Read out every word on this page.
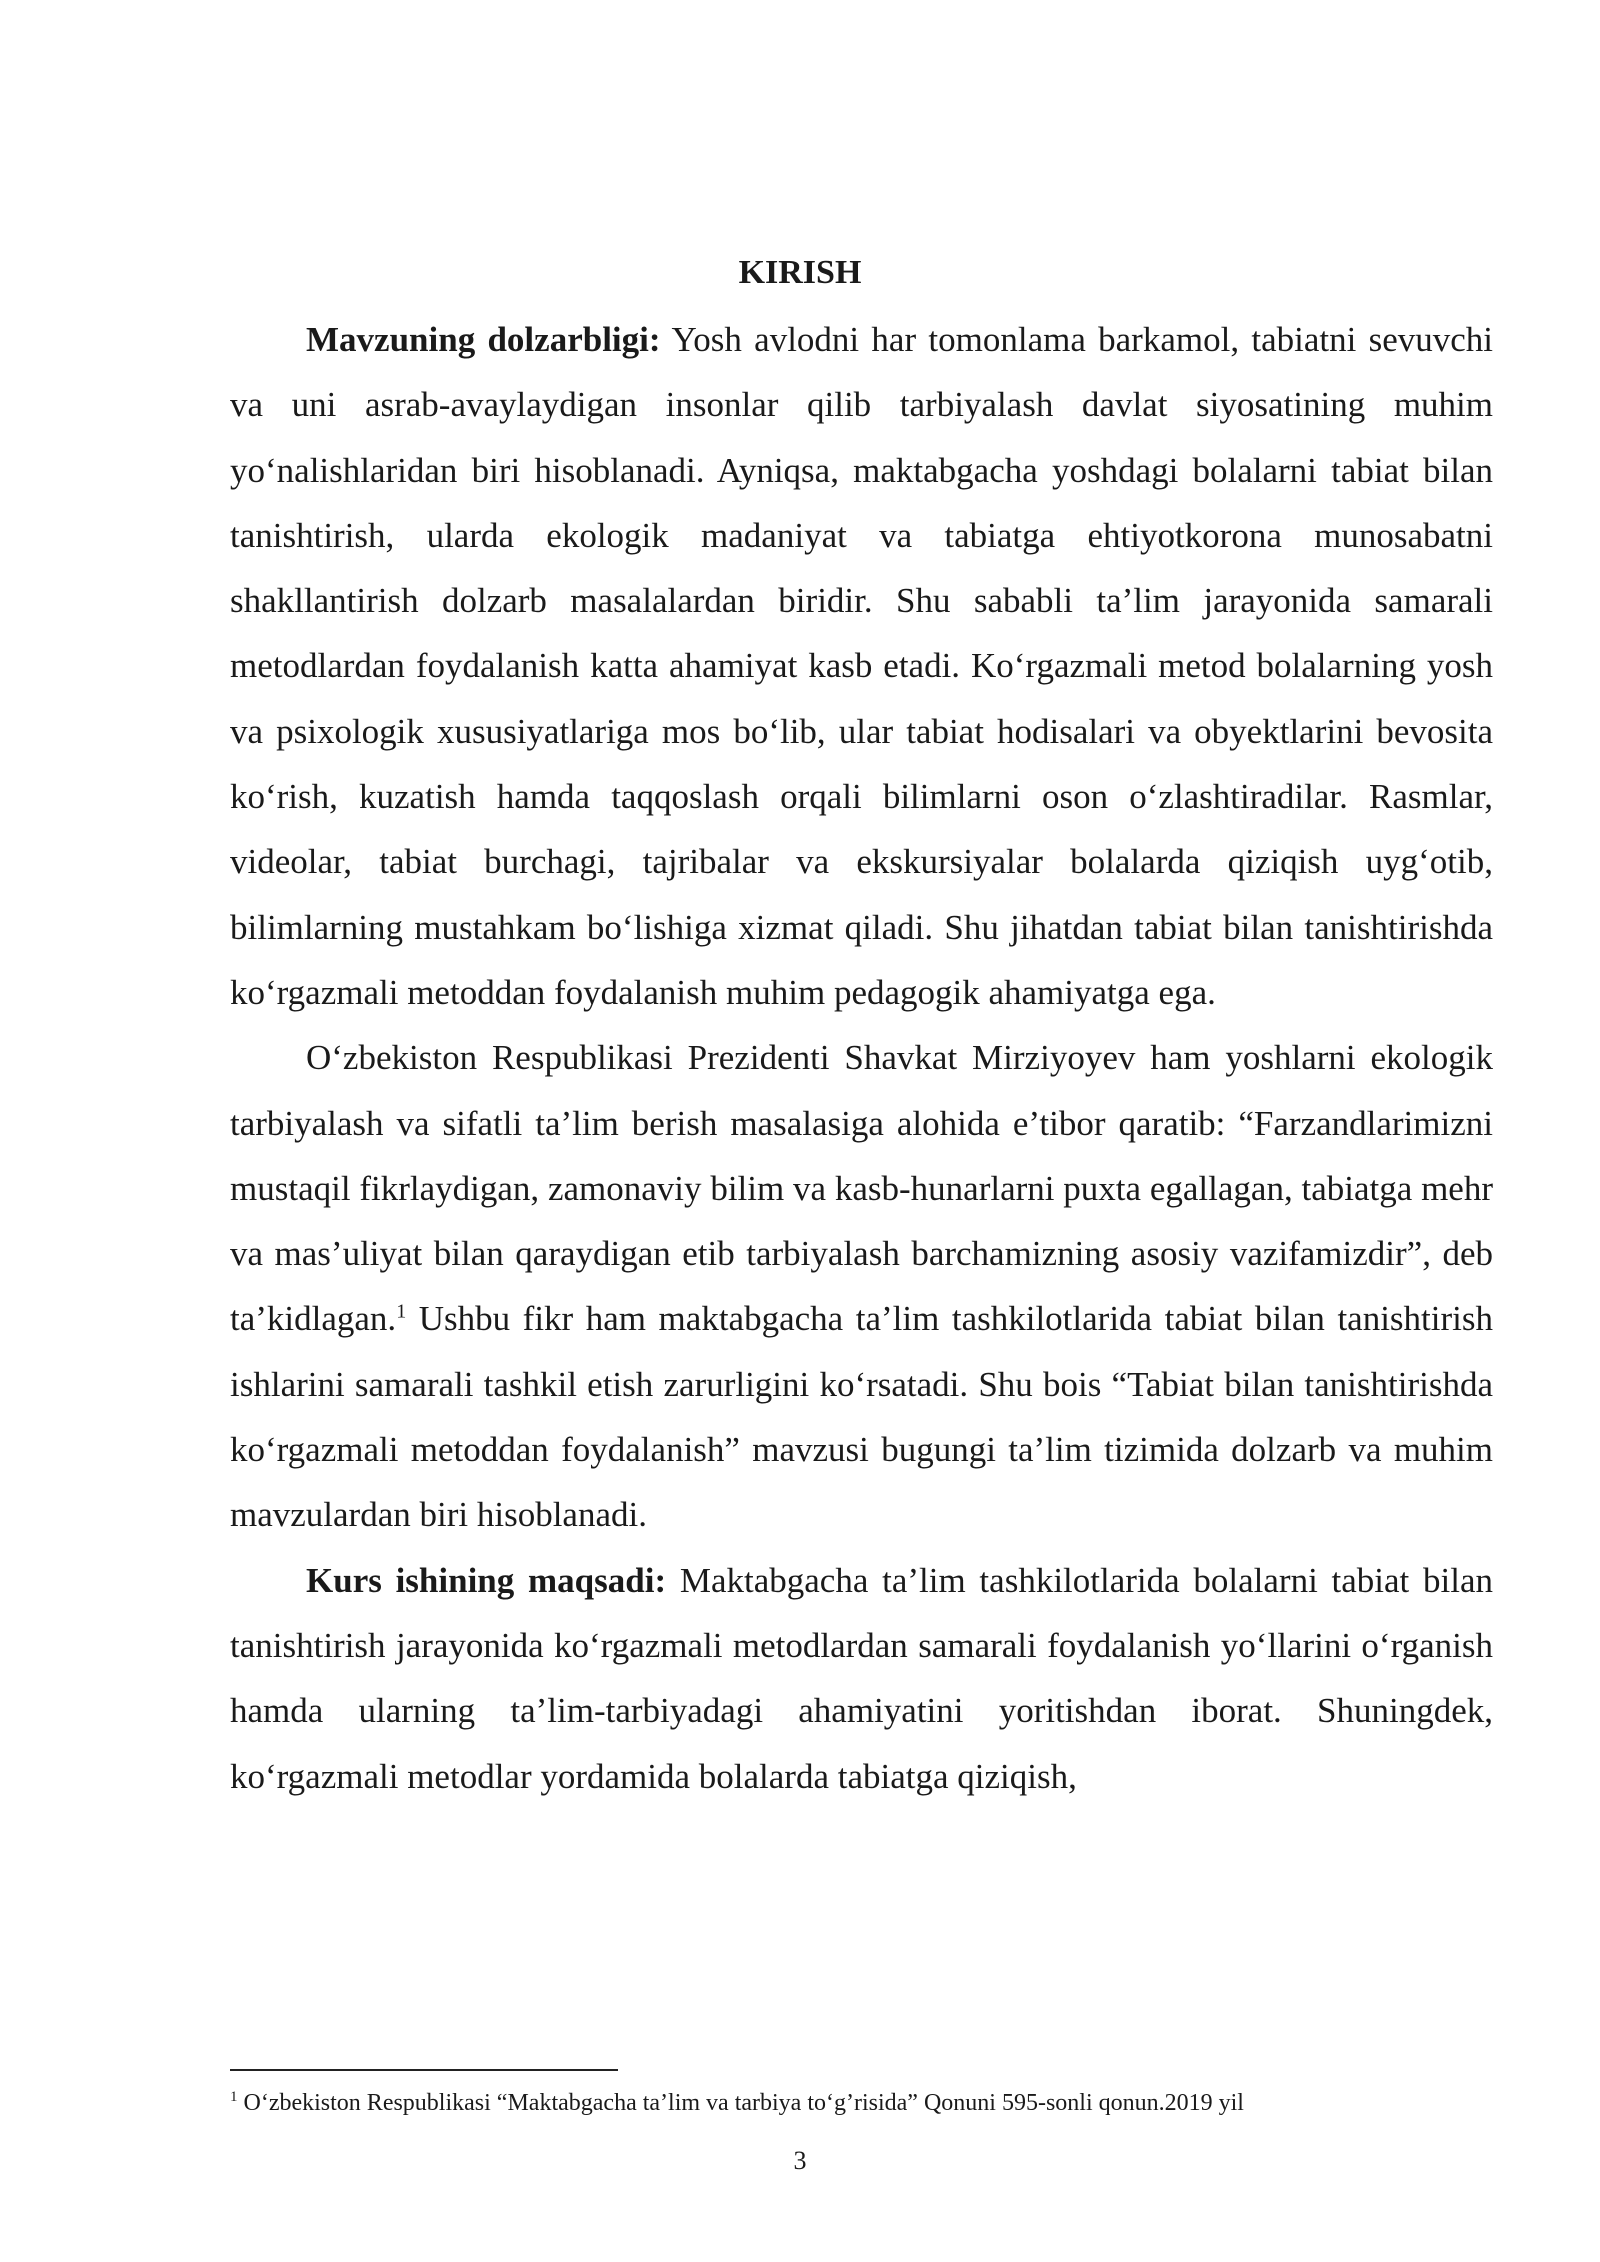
KIRISH

Mavzuning dolzarbligi: Yosh avlodni har tomonlama barkamol, tabiatni sevuvchi va uni asrab-avaylaydigan insonlar qilib tarbiyalash davlat siyosatining muhim yo‘nalishlaridan biri hisoblanadi. Ayniqsa, maktabgacha yoshdagi bolalarni tabiat bilan tanishtirish, ularda ekologik madaniyat va tabiatga ehtiyotkorona munosabatni shakllantirish dolzarb masalalardan biridir. Shu sababli ta’lim jarayonida samarali metodlardan foydalanish katta ahamiyat kasb etadi. Ko‘rgazmali metod bolalarning yosh va psixologik xususiyatlariga mos bo‘lib, ular tabiat hodisalari va obyektlarini bevosita ko‘rish, kuzatish hamda taqqoslash orqali bilimlarni oson o‘zlashtiradilar. Rasmlar, videolar, tabiat burchagi, tajribalar va ekskursiyalar bolalarda qiziqish uyg‘otib, bilimlarning mustahkam bo‘lishiga xizmat qiladi. Shu jihatdan tabiat bilan tanishtirishda ko‘rgazmali metoddan foydalanish muhim pedagogik ahamiyatga ega.

O‘zbekiston Respublikasi Prezidenti Shavkat Mirziyoyev ham yoshlarni ekologik tarbiyalash va sifatli ta’lim berish masalasiga alohida e’tibor qaratib: “Farzandlarimizni mustaqil fikrlaydigan, zamonaviy bilim va kasb-hunarlarni puxta egallagan, tabiatga mehr va mas’uliyat bilan qaraydigan etib tarbiyalash barchamizning asosiy vazifamizdir”, deb ta’kidlagan.$^1$ Ushbu fikr ham maktabgacha ta’lim tashkilotlarida tabiat bilan tanishtirish ishlarini samarali tashkil etish zarurligini ko‘rsatadi. Shu bois “Tabiat bilan tanishtirishda ko‘rgazmali metoddan foydalanish” mavzusi bugungi ta’lim tizimida dolzarb va muhim mavzulardan biri hisoblanadi.

Kurs ishining maqsadi: Maktabgacha ta’lim tashkilotlarida bolalarni tabiat bilan tanishtirish jarayonida ko‘rgazmali metodlardan samarali foydalanish yo‘llarini o‘rganish hamda ularning ta’lim-tarbiyadagi ahamiyatini yoritishdan iborat. Shuningdek, ko‘rgazmali metodlar yordamida bolalarda tabiatga qiziqish,

$^1$ O‘zbekiston Respublikasi “Maktabgacha ta’lim va tarbiya to‘g’risida” Qonuni 595-sonli qonun.2019 yil

3
